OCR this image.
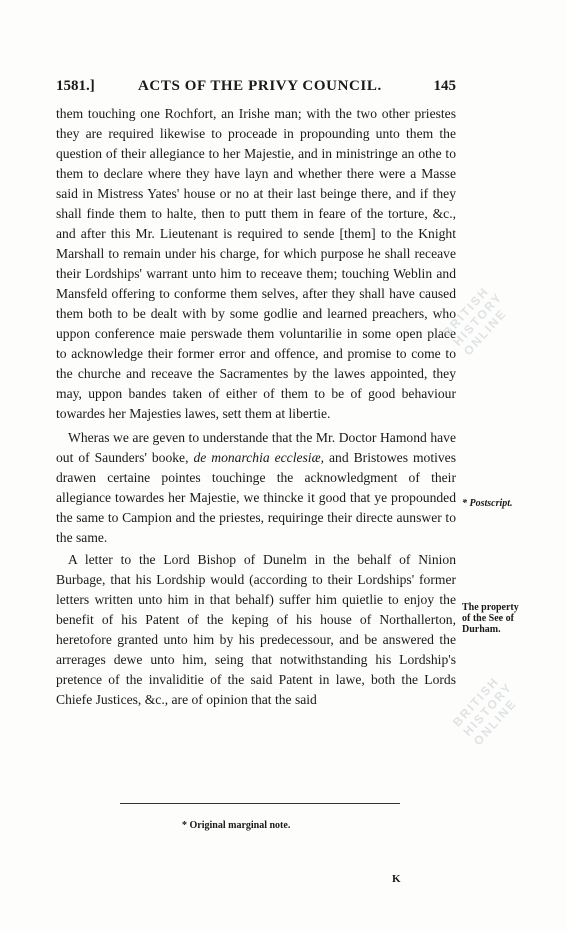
1581.]	ACTS OF THE PRIVY COUNCIL.	145

them touching one Rochfort, an Irishe man; with the two other priestes they are required likewise to proceade in propounding unto them the question of their allegiance to her Majestie, and in ministringe an othe to them to declare where they have layn and whether there were a Masse said in Mistress Yates' house or no at their last beinge there, and if they shall finde them to halte, then to putt them in feare of the torture, &c., and after this Mr. Lieutenant is required to sende [them] to the Knight Marshall to remain under his charge, for which purpose he shall receave their Lordships' warrant unto him to receave them; touching Weblin and Mansfeld offering to conforme them selves, after they shall have caused them both to be dealt with by some godlie and learned preachers, who uppon conference maie perswade them voluntarilie in some open place to acknowledge their former error and offence, and promise to come to the churche and receave the Sacramentes by the lawes appointed, they may, uppon bandes taken of either of them to be of good behaviour towardes her Majesties lawes, sett them at libertie.

Wheras we are geven to understande that the Mr. Doctor Hamond have out of Saunders' booke, de monarchia ecclesiæ, and Bristowes motives drawen certaine pointes touchinge the acknowledgment of their allegiance towardes her Majestie, we thincke it good that ye propounded the same to Campion and the priestes, requiringe their directe aunswer to the same.

A letter to the Lord Bishop of Dunelm in the behalf of Ninion Burbage, that his Lordship would (according to their Lordships' former letters written unto him in that behalf) suffer him quietlie to enjoy the benefit of his Patent of the keping of his house of Northallerton, heretofore granted unto him by his predecessour, and be answered the arrerages dewe unto him, seing that notwithstanding his Lordship's pretence of the invaliditie of the said Patent in lawe, both the Lords Chiefe Justices, &c., are of opinion that the said

* Postscript.
The property
of the See of
Durham.
* Original marginal note.
K
BRITISH HISTORY ONLINE
BRITISH HISTORY ONLINE
